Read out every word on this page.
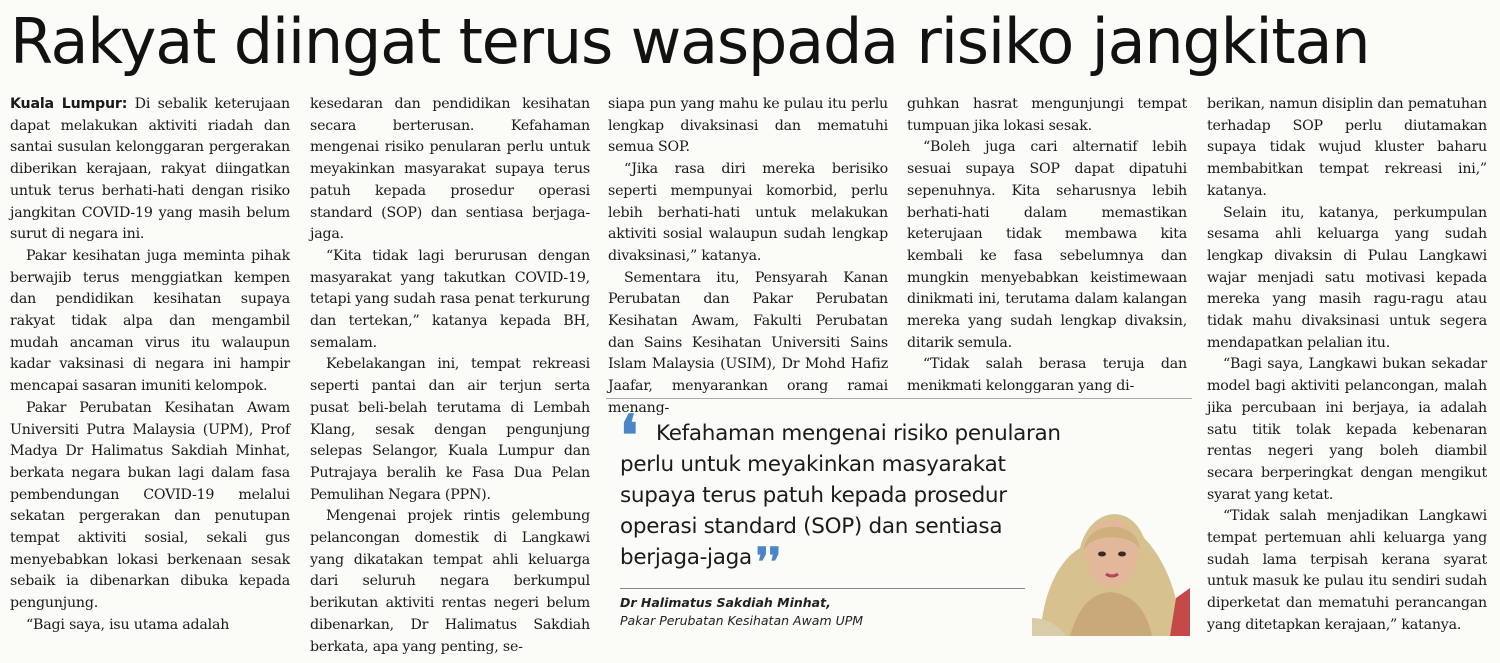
Rakyat diingat terus waspada risiko jangkitan

Kuala Lumpur: Di sebalik keterujaan dapat melakukan aktiviti riadah dan santai susulan kelonggaran pergerakan diberikan kerajaan, rakyat diingatkan untuk terus berhati-hati dengan risiko jangkitan COVID-19 yang masih belum surut di negara ini.

Pakar kesihatan juga meminta pihak berwajib terus menggiatkan kempen dan pendidikan kesihatan supaya rakyat tidak alpa dan mengambil mudah ancaman virus itu walaupun kadar vaksinasi di negara ini hampir mencapai sasaran imuniti kelompok.

Pakar Perubatan Kesihatan Awam Universiti Putra Malaysia (UPM), Prof Madya Dr Halimatus Sakdiah Minhat, berkata negara bukan lagi dalam fasa pembendungan COVID-19 melalui sekatan pergerakan dan penutupan tempat aktiviti sosial, sekali gus menyebabkan lokasi berkenaan sesak sebaik ia dibenarkan dibuka kepada pengunjung.

“Bagi saya, isu utama adalah

kesedaran dan pendidikan kesihatan secara berterusan. Kefahaman mengenai risiko penularan perlu untuk meyakinkan masyarakat supaya terus patuh kepada prosedur operasi standard (SOP) dan sentiasa berjaga-jaga.

“Kita tidak lagi berurusan dengan masyarakat yang takutkan COVID-19, tetapi yang sudah rasa penat terkurung dan tertekan,” katanya kepada BH, semalam.

Kebelakangan ini, tempat rekreasi seperti pantai dan air terjun serta pusat beli-belah terutama di Lembah Klang, sesak dengan pengunjung selepas Selangor, Kuala Lumpur dan Putrajaya beralih ke Fasa Dua Pelan Pemulihan Negara (PPN).

Mengenai projek rintis gelembung pelancongan domestik di Langkawi yang dikatakan tempat ahli keluarga dari seluruh negara berkumpul berikutan aktiviti rentas negeri belum dibenarkan, Dr Halimatus Sakdiah berkata, apa yang penting, se-

siapa pun yang mahu ke pulau itu perlu lengkap divaksinasi dan mematuhi semua SOP.

“Jika rasa diri mereka berisiko seperti mempunyai komorbid, perlu lebih berhati-hati untuk melakukan aktiviti sosial walaupun sudah lengkap divaksinasi,” katanya.

Sementara itu, Pensyarah Kanan Perubatan dan Pakar Perubatan Kesihatan Awam, Fakulti Perubatan dan Sains Kesihatan Universiti Sains Islam Malaysia (USIM), Dr Mohd Hafiz Jaafar, menyarankan orang ramai menang-

guhkan hasrat mengunjungi tempat tumpuan jika lokasi sesak.

“Boleh juga cari alternatif lebih sesuai supaya SOP dapat dipatuhi sepenuhnya. Kita seharusnya lebih berhati-hati dalam memastikan keterujaan tidak membawa kita kembali ke fasa sebelumnya dan mungkin menyebabkan keistimewaan dinikmati ini, terutama dalam kalangan mereka yang sudah lengkap divaksin, ditarik semula.

“Tidak salah berasa teruja dan menikmati kelonggaran yang di-

berikan, namun disiplin dan pematuhan terhadap SOP perlu diutamakan supaya tidak wujud kluster baharu membabitkan tempat rekreasi ini,” katanya.

Selain itu, katanya, perkumpulan sesama ahli keluarga yang sudah lengkap divaksin di Pulau Langkawi wajar menjadi satu motivasi kepada mereka yang masih ragu-ragu atau tidak mahu divaksinasi untuk segera mendapatkan pelalian itu.

“Bagi saya, Langkawi bukan sekadar model bagi aktiviti pelancongan, malah jika percubaan ini berjaya, ia adalah satu titik tolak kepada kebenaran rentas negeri yang boleh diambil secara berperingkat dengan mengikut syarat yang ketat.

“Tidak salah menjadikan Langkawi tempat pertemuan ahli keluarga yang sudah lama terpisah kerana syarat untuk masuk ke pulau itu sendiri sudah diperketat dan mematuhi perancangan yang ditetapkan kerajaan,” katanya.

❛ Kefahaman mengenai risiko penularan perlu untuk meyakinkan masyarakat supaya terus patuh kepada prosedur operasi standard (SOP) dan sentiasa berjaga-jaga ❜❜
Dr Halimatus Sakdiah Minhat,
Pakar Perubatan Kesihatan Awam UPM
